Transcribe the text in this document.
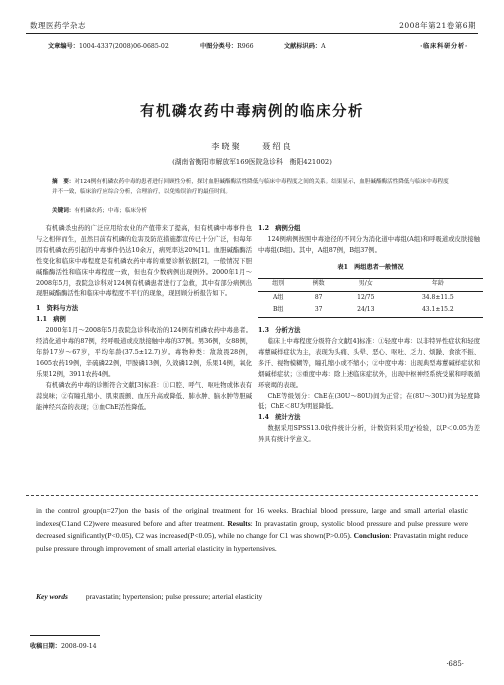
数理医药学杂志	2008年第21卷第6期
文章编号：1004-4337(2008)06-0685-02	中图分类号：R966	文献标识码：A	·临床科研分析·
有机磷农药中毒病例的临床分析
李晓聚　　聂绍良
(湖南省衡阳市解放军169医院急诊科　衡阳421002)
摘　要：对124例有机磷农药中毒的患者进行回顾性分析，探讨血胆碱酯酶活性降低与临床中毒程度之间的关系。结果显示，血胆碱酯酶活性降低与临床中毒程度并不一致，临床治疗应综合分析，合理治疗，以免贻误治疗的最佳时间。
关键词：有机磷农药；中毒；临床分析

有机磷杀虫药的广泛应用给农业的产值带来了提高，但有机磷中毒事件也与之相伴而生，虽然目前有机磷的危害及防范措施都宣传已十分广泛，但每年因有机磷农药引起的中毒事件仍达10余万，病死率达20%[1]。血胆碱酯酶活性变化和临床中毒程度是有机磷农药中毒的重要诊断依据[2]，一般情况下胆碱酯酶活性和临床中毒程度一致，但也有少数病例出现例外。2000年1月～2008年5月，我院急诊科对124例有机磷患者进行了急救，其中有部分病例出现胆碱酯酶活性和临床中毒程度不平行的现象，现回顾分析报告如下。

1　资料与方法

1.1　病例

2000年1月～2008年5月我院急诊科收治的124例有机磷农药中毒患者。经消化道中毒的87例，经呼吸道或皮肤接触中毒的37例。男36例，女88例，年龄17岁～67岁，平均年龄(37.5±12.7)岁。毒物种类：敌敌畏28例，1605农药19例，辛硫磷22例，甲胺磷13例，久效磷12例，乐果14例，氧化乐果12例，3911农药4例。

有机磷农药中毒的诊断符合文献[3]标准：①口腔、呼气、呕吐物或体表有蒜臭味；②有瞳孔缩小、肌束震颤、血压升高或降低、肺水肿、脑水肿等胆碱能神经兴奋的表现；③血ChE活性降低。

1.2　病例分组

124例病例按照中毒途径的不同分为消化道中毒组(A组)和呼吸道或皮肤接触中毒组(B组)。其中，A组87例，B组37例。

表1　两组患者一般情况
组别	例数	男/女	年龄
A组	87	12/75	34.8±11.5
B组	37	24/13	43.1±15.2

1.3　分析方法

临床上中毒程度分级符合文献[4]标准：①轻度中毒：以非特异性症状和轻度毒蕈碱样症状为主，表现为头痛、头晕、恶心、呕吐、乏力、烦躁、食欲不振、多汗、视物模糊等，瞳孔缩小或不缩小；②中度中毒：出现典型毒蕈碱样症状和烟碱样症状；③重度中毒：除上述临床症状外，出现中枢神经系统受累和呼吸循环衰竭的表现。

ChE等级划分：ChE在(30U～80U)间为正常；在(8U～30U)间为轻度降低；ChE＜8U为明显降低。

1.4　统计方法

数据采用SPSS13.0软件统计分析，计数资料采用χ²检验，以P＜0.05为差异具有统计学意义。

in the control group(n=27)on the basis of the original treatment for 16 weeks. Brachial blood pressure, large and small arterial elastic indexes(C1and C2)were measured before and after treatment. Results: In pravastatin group, systolic blood pressure and pulse pressure were decreased significantly(P<0.05), C2 was increased(P<0.05), while no change for C1 was shown(P>0.05). Conclusion: Pravastatin might reduce pulse pressure through improvement of small arterial elasticity in hypertensives.
Key words pravastatin; hypertension; pulse pressure; arterial elasticity
收稿日期：2008-09-14
·685·
